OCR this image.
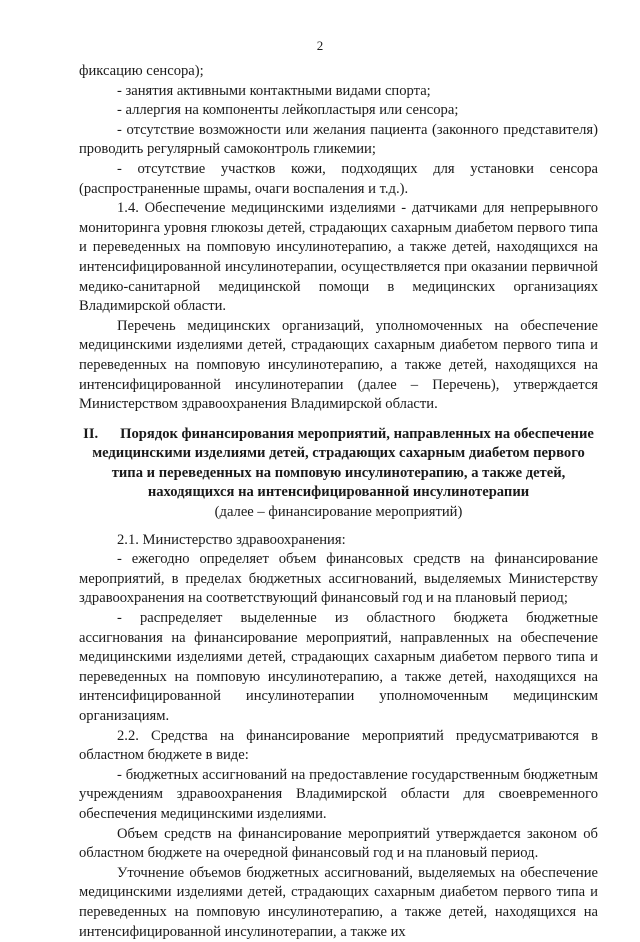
2

фиксацию сенсора);

- занятия активными контактными видами спорта;

- аллергия на компоненты лейкопластыря или сенсора;

- отсутствие возможности или желания пациента (законного представителя) проводить регулярный самоконтроль гликемии;

- отсутствие участков кожи, подходящих для установки сенсора (распространенные шрамы, очаги воспаления и т.д.).

1.4. Обеспечение медицинскими изделиями - датчиками для непрерывного мониторинга уровня глюкозы детей, страдающих сахарным диабетом первого типа и переведенных на помповую инсулинотерапию, а также детей, находящихся на интенсифицированной инсулинотерапии, осуществляется при оказании первичной медико-санитарной медицинской помощи в медицинских организациях Владимирской области.

Перечень медицинских организаций, уполномоченных на обеспечение медицинскими изделиями детей, страдающих сахарным диабетом первого типа и переведенных на помповую инсулинотерапию, а также детей, находящихся на интенсифицированной инсулинотерапии (далее – Перечень), утверждается Министерством здравоохранения Владимирской области.

II. Порядок финансирования мероприятий, направленных на обеспечение медицинскими изделиями детей, страдающих сахарным диабетом первого типа и переведенных на помповую инсулинотерапию, а также детей, находящихся на интенсифицированной инсулинотерапии
(далее – финансирование мероприятий)

2.1. Министерство здравоохранения:

- ежегодно определяет объем финансовых средств на финансирование мероприятий, в пределах бюджетных ассигнований, выделяемых Министерству здравоохранения на соответствующий финансовый год и на плановый период;

- распределяет выделенные из областного бюджета бюджетные ассигнования на финансирование мероприятий, направленных на обеспечение медицинскими изделиями детей, страдающих сахарным диабетом первого типа и переведенных на помповую инсулинотерапию, а также детей, находящихся на интенсифицированной инсулинотерапии уполномоченным медицинским организациям.

2.2. Средства на финансирование мероприятий предусматриваются в областном бюджете в виде:

- бюджетных ассигнований на предоставление государственным бюджетным учреждениям здравоохранения Владимирской области для своевременного обеспечения медицинскими изделиями.

Объем средств на финансирование мероприятий утверждается законом об областном бюджете на очередной финансовый год и на плановый период.

Уточнение объемов бюджетных ассигнований, выделяемых на обеспечение медицинскими изделиями детей, страдающих сахарным диабетом первого типа и переведенных на помповую инсулинотерапию, а также детей, находящихся на интенсифицированной инсулинотерапии, а также их
